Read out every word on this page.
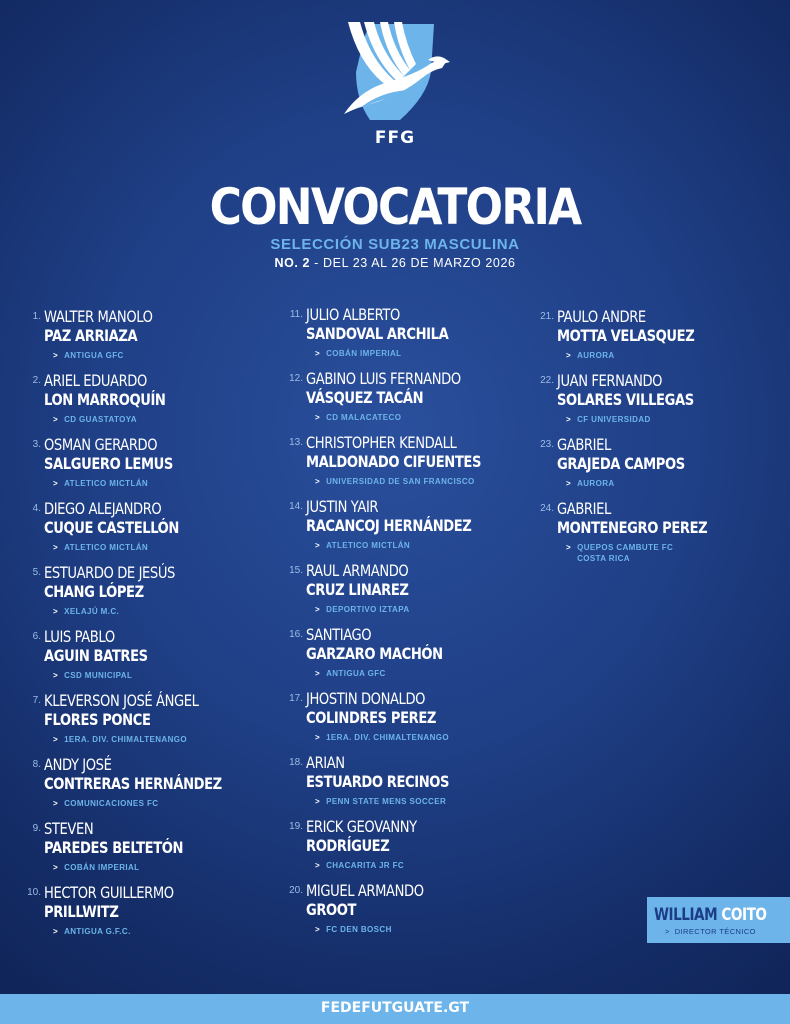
FFG
CONVOCATORIA
SELECCIÓN SUB23 MASCULINA
NO. 2 - DEL 23 AL 26 DE MARZO 2026
1. WALTER MANOLO
PAZ ARRIAZA
> ANTIGUA GFC
2. ARIEL EDUARDO
LON MARROQUÍN
> CD GUASTATOYA
3. OSMAN GERARDO
SALGUERO LEMUS
> ATLETICO MICTLÁN
4. DIEGO ALEJANDRO
CUQUE CASTELLÓN
> ATLETICO MICTLÁN
5. ESTUARDO DE JESÚS
CHANG LÓPEZ
> XELAJÚ M.C.
6. LUIS PABLO
AGUIN BATRES
> CSD MUNICIPAL
7. KLEVERSON JOSÉ ÁNGEL
FLORES PONCE
> 1ERA. DIV. CHIMALTENANGO
8. ANDY JOSÉ
CONTRERAS HERNÁNDEZ
> COMUNICACIONES FC
9. STEVEN
PAREDES BELTETÓN
> COBÁN IMPERIAL
10. HECTOR GUILLERMO
PRILLWITZ
> ANTIGUA G.F.C.
11. JULIO ALBERTO
SANDOVAL ARCHILA
> COBÁN IMPERIAL
12. GABINO LUIS FERNANDO
VÁSQUEZ TACÁN
> CD MALACATECO
13. CHRISTOPHER KENDALL
MALDONADO CIFUENTES
> UNIVERSIDAD DE SAN FRANCISCO
14. JUSTIN YAIR
RACANCOJ HERNÁNDEZ
> ATLETICO MICTLÁN
15. RAUL ARMANDO
CRUZ LINAREZ
> DEPORTIVO IZTAPA
16. SANTIAGO
GARZARO MACHÓN
> ANTIGUA GFC
17. JHOSTIN DONALDO
COLINDRES PEREZ
> 1ERA. DIV. CHIMALTENANGO
18. ARIAN
ESTUARDO RECINOS
> PENN STATE MENS SOCCER
19. ERICK GEOVANNY
RODRÍGUEZ
> CHACARITA JR FC
20. MIGUEL ARMANDO
GROOT
> FC DEN BOSCH
21. PAULO ANDRE
MOTTA VELASQUEZ
> AURORA
22. JUAN FERNANDO
SOLARES VILLEGAS
> CF UNIVERSIDAD
23. GABRIEL
GRAJEDA CAMPOS
> AURORA
24. GABRIEL
MONTENEGRO PEREZ
> QUEPOS CAMBUTE FC
COSTA RICA
WILLIAM COITO
> DIRECTOR TÉCNICO
FEDEFUTGUATE.GT
